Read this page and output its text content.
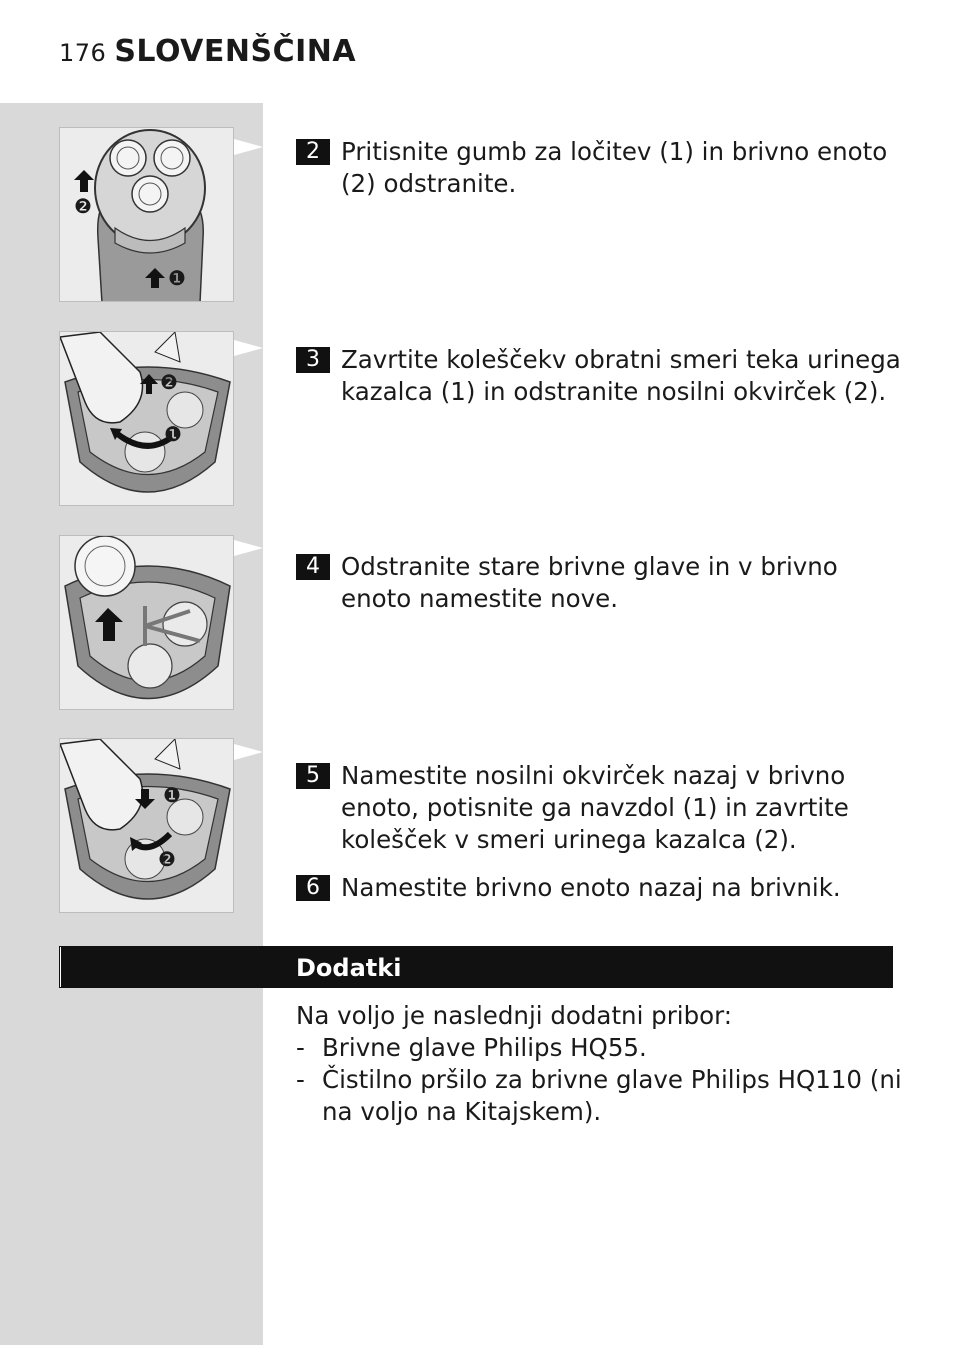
176 SLOVENŠČINA
❷
❶
❷
❶
❶
❷
2 Pritisnite gumb za ločitev (1) in brivno enoto (2) odstranite.
3 Zavrtite koleščekv obratni smeri teka urinega kazalca (1) in odstranite nosilni okvirček (2).
4 Odstranite stare brivne glave in v brivno enoto namestite nove.
5 Namestite nosilni okvirček nazaj v brivno enoto, potisnite ga navzdol (1) in zavrtite kolešček v smeri urinega kazalca (2).
6 Namestite brivno enoto nazaj na brivnik.
Dodatki
Na voljo je naslednji dodatni pribor:
- Brivne glave Philips HQ55.
- Čistilno pršilo za brivne glave Philips HQ110 (ni na voljo na Kitajskem).
